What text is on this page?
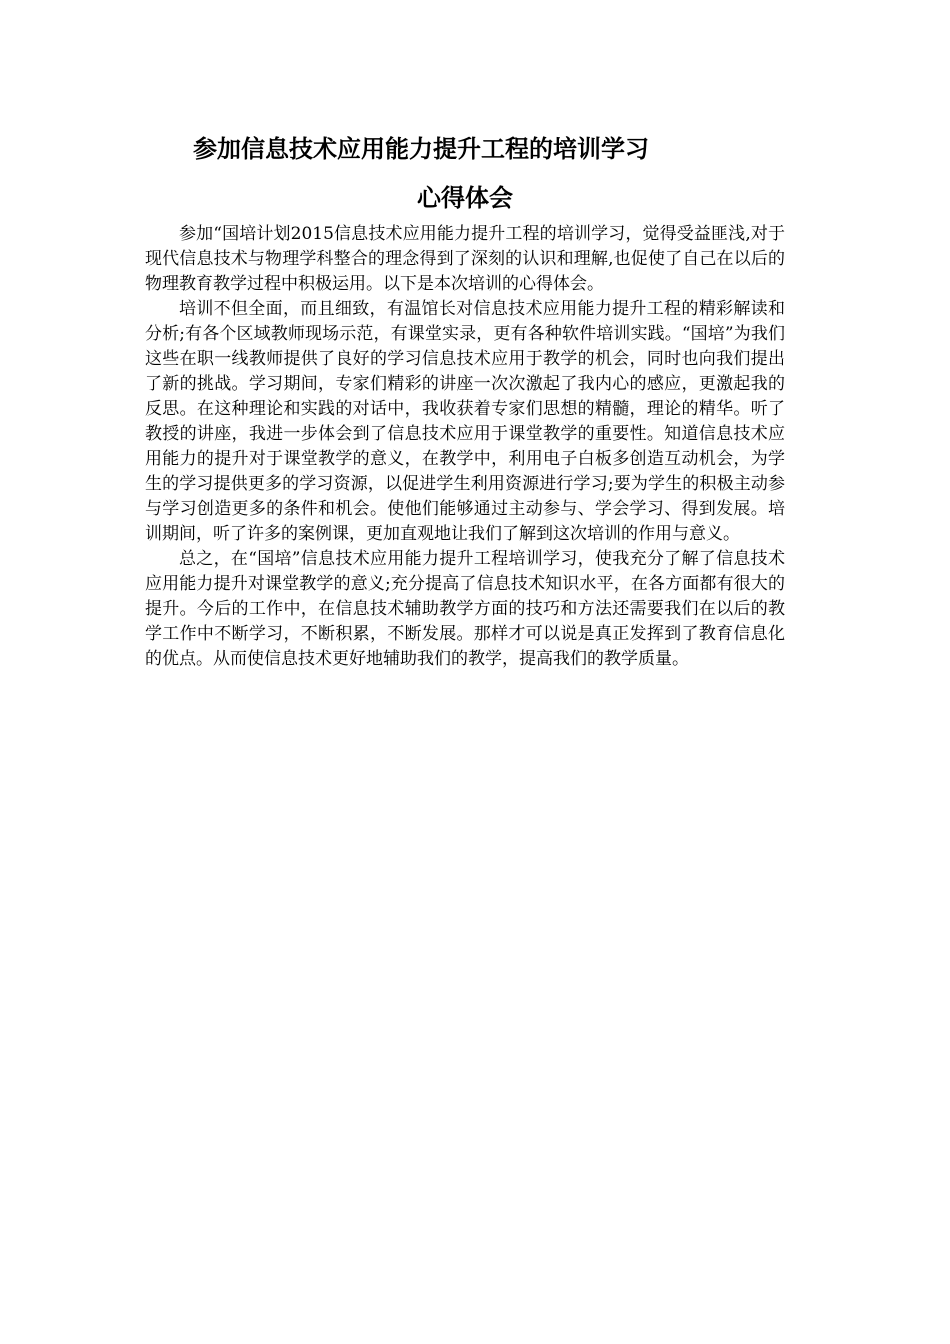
参加信息技术应用能力提升工程的培训学习
心得体会

参加“国培计划2015信息技术应用能力提升工程的培训学习，觉得受益匪浅,对于现代信息技术与物理学科整合的理念得到了深刻的认识和理解,也促使了自己在以后的物理教育教学过程中积极运用。以下是本次培训的心得体会。

培训不但全面，而且细致，有温馆长对信息技术应用能力提升工程的精彩解读和分析;有各个区域教师现场示范，有课堂实录，更有各种软件培训实践。“国培”为我们这些在职一线教师提供了良好的学习信息技术应用于教学的机会，同时也向我们提出了新的挑战。学习期间，专家们精彩的讲座一次次激起了我内心的感应，更激起我的反思。在这种理论和实践的对话中，我收获着专家们思想的精髓，理论的精华。听了教授的讲座，我进一步体会到了信息技术应用于课堂教学的重要性。知道信息技术应用能力的提升对于课堂教学的意义，在教学中，利用电子白板多创造互动机会，为学生的学习提供更多的学习资源，以促进学生利用资源进行学习;要为学生的积极主动参与学习创造更多的条件和机会。使他们能够通过主动参与、学会学习、得到发展。培训期间，听了许多的案例课，更加直观地让我们了解到这次培训的作用与意义。

总之，在“国培”信息技术应用能力提升工程培训学习，使我充分了解了信息技术应用能力提升对课堂教学的意义;充分提高了信息技术知识水平，在各方面都有很大的提升。今后的工作中，在信息技术辅助教学方面的技巧和方法还需要我们在以后的教学工作中不断学习，不断积累，不断发展。那样才可以说是真正发挥到了教育信息化的优点。从而使信息技术更好地辅助我们的教学，提高我们的教学质量。
